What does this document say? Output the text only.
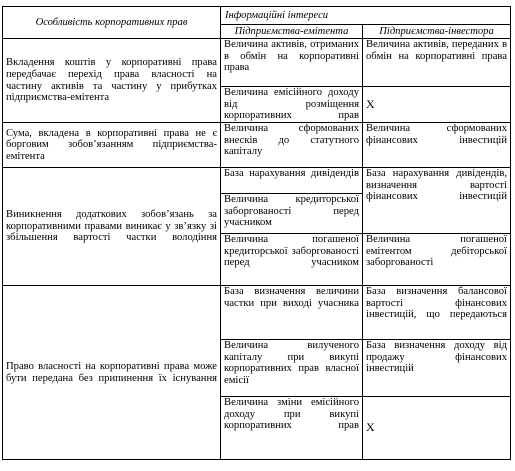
Особливість корпоративних прав	Інформаційні інтереси	
	Підприємства-емітента	Підприємства-інвестора
Вкладення коштів у корпоративні права передбачає перехід права власності на частину активів та частину у прибутках підприємства-емітента	Величина активів, отриманих в обмін на корпоративні права	Величина активів, переданих в обмін на корпоративні права
	Величина емісійного доходу від розміщення корпоративних прав	Х
Сума, вкладена в корпоративні права не є борговим зобов’язанням підприємства-емітента	Величина сформованих внесків до статутного капіталу	Величина сформованих фінансових інвестицій
Виникнення додаткових зобов’язань за корпоративними правами виникає у зв’язку зі збільшення вартості частки володіння	База нарахування дивідендів	База нарахування дивідендів, визначення вартості фінансових інвестицій
	Величина кредиторської заборгованості перед учасником	
	Величина погашеної кредиторської заборгованості перед учасником	Величина погашеної емітентом дебіторської заборгованості
Право власності на корпоративні права може бути передана без припинення їх існування	База визначення величини частки при виході учасника	База визначення балансової вартості фінансових інвестицій, що передаються
	Величина вилученого капіталу при викупі корпоративних прав власної емісії	База визначення доходу від продажу фінансових інвестицій
	Величина зміни емісійного доходу при викупі корпоративних прав	Х
